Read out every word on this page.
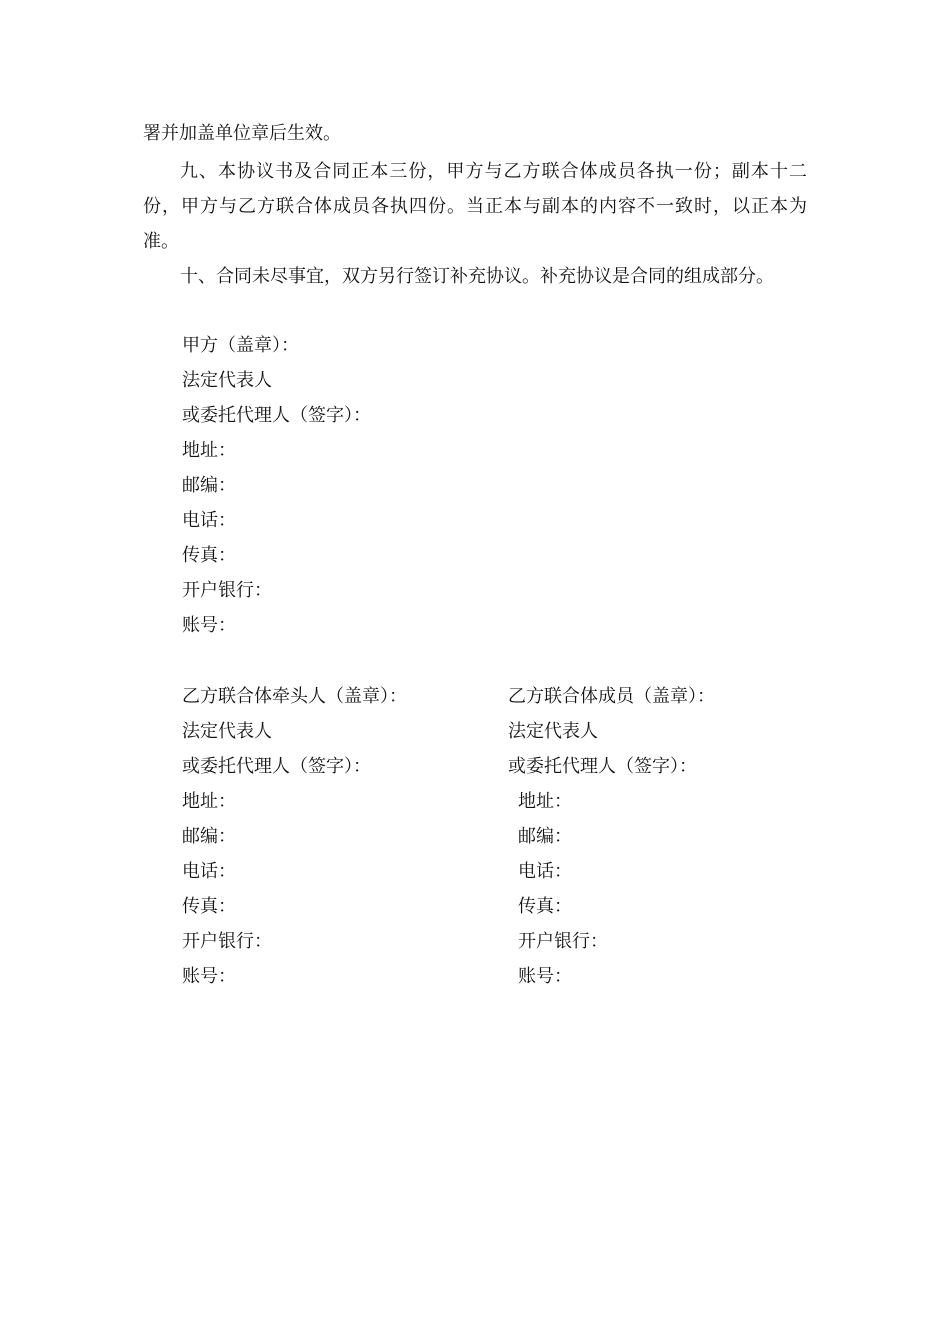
署并加盖单位章后生效。
九、本协议书及合同正本三份，甲方与乙方联合体成员各执一份；副本十二份，甲方与乙方联合体成员各执四份。当正本与副本的内容不一致时，以正本为准。
十、合同未尽事宜，双方另行签订补充协议。补充协议是合同的组成部分。
甲方（盖章）：
法定代表人
或委托代理人（签字）：
地址：
邮编：
电话：
传真：
开户银行：
账号：
乙方联合体牵头人（盖章）：
法定代表人
或委托代理人（签字）：
地址：
邮编：
电话：
传真：
开户银行：
账号：
乙方联合体成员（盖章）：
法定代表人
或委托代理人（签字）：
地址：
邮编：
电话：
传真：
开户银行：
账号：
